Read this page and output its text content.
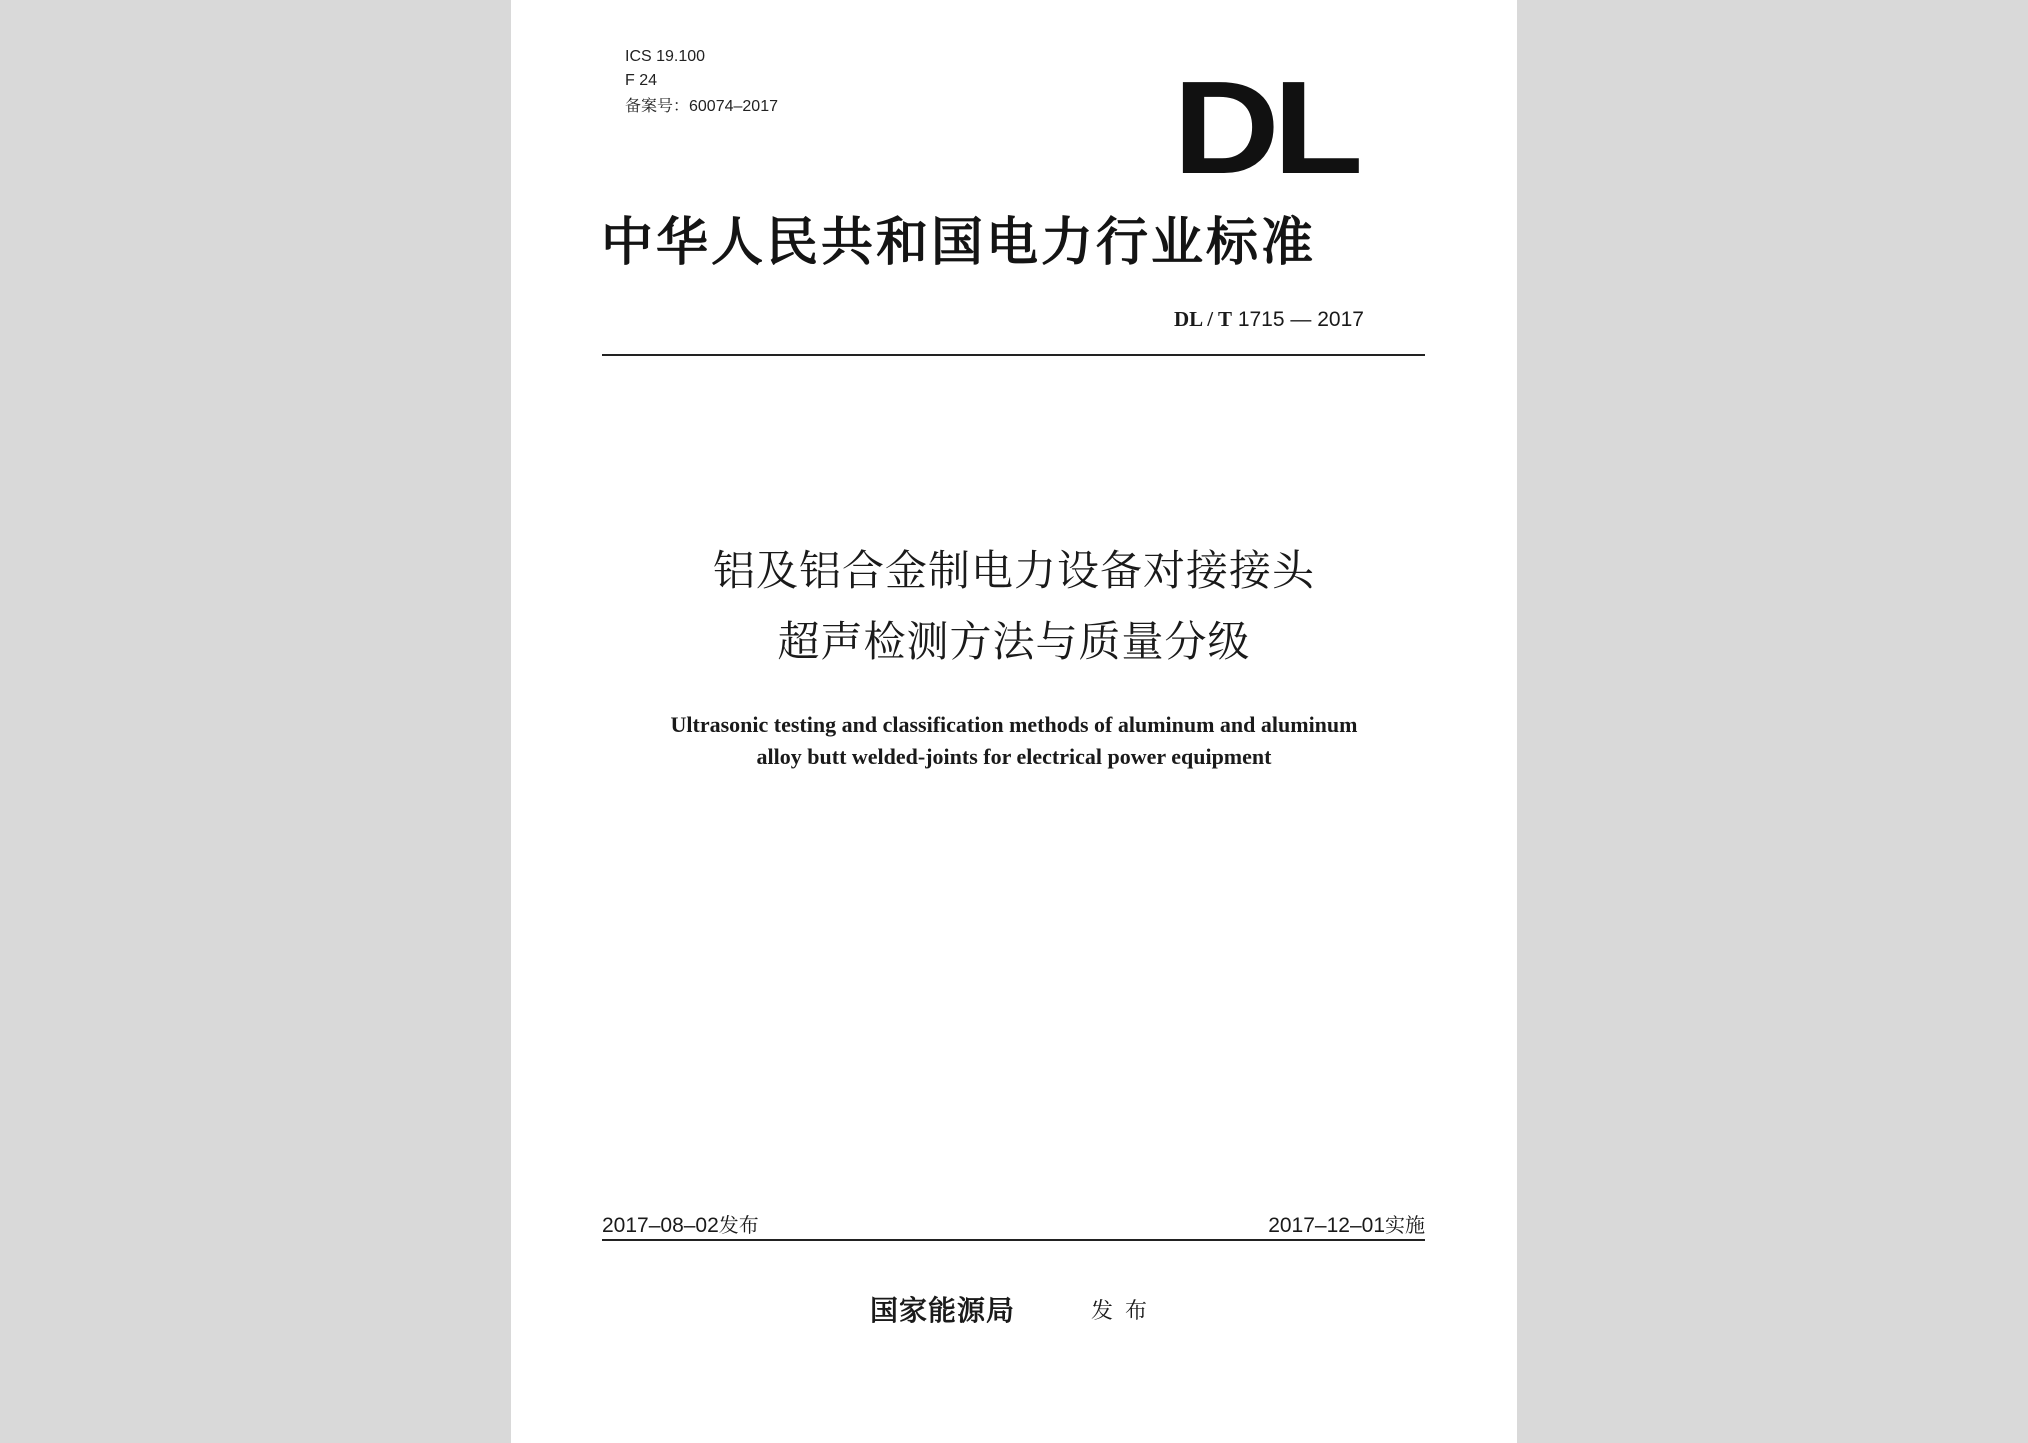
ICS 19.100
F 24
备案号：60074–2017	DL
中华人民共和国电力行业标准
DL / T 1715 — 2017
铝及铝合金制电力设备对接接头
超声检测方法与质量分级
Ultrasonic testing and classification methods of aluminum and aluminum
alloy butt welded-joints for electrical power equipment
2017–08–02发布	2017–12–01实施
国家能源局	发布
